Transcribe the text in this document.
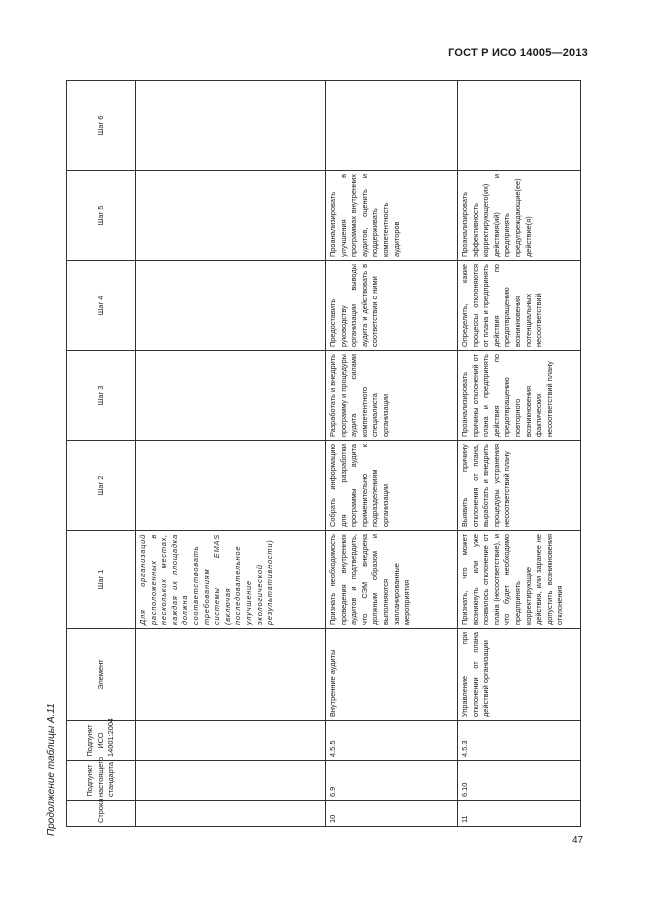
ГОСТ Р ИСО 14005—2013
Продолжение таблицы А.11	Строка	Подпункт настоящего стандарта	Подпункт ИСО 14001:2004	Элемент	Шаг 1	Шаг 2	Шаг 3	Шаг 4	Шаг 5	Шаг 6
				Для организаций расположенных в нескольких местах, каждая их площадка должна соответствовать требованиям системы EMAS (включая последовательное улучшение экологической результативности)					
10	6.9	4.5.5	Внутренние аудиты	Признать необходимость проведения внутренних аудитов и подтвердить, что СЭМ внедрена должным образом и выполняются запланированные мероприятия	Собрать информацию для разработки программы аудита применительно к подразделениям организации	Разработать и внедрить программу и процедуры аудита силами компетентного специалиста организации	Предоставить руководству организации выводы аудита и действовать в соответствии с ними	Проанализировать улучшения в программах внутренних аудитов, оценить и поддерживать компетентность аудиторов	
11	6.10	4.5.3	Управление при отклонении от плана действий организации	Признать, что может возникнуть или уже появилось отклонение от плана (несоответствие), и что будет необходимо предпринять корректирующие действия, или заранее не допустить возникновения отклонения	Выявить причину отклонения от плана, выработать и внедрить процедуры устранения несоответствий плану	Проанализировать причины отклонений от плана и предпринять действия по предотвращению повторного возникновения фактических несоответствий плану	Определить, какие процессы отклоняются от плана и предпринять действия по предотвращению возникновения потенциальных несоответствий	Проанализировать эффективность корректирующего(их) действия(ий) и предпринять предупреждающие(ее) действие(я)	
47
